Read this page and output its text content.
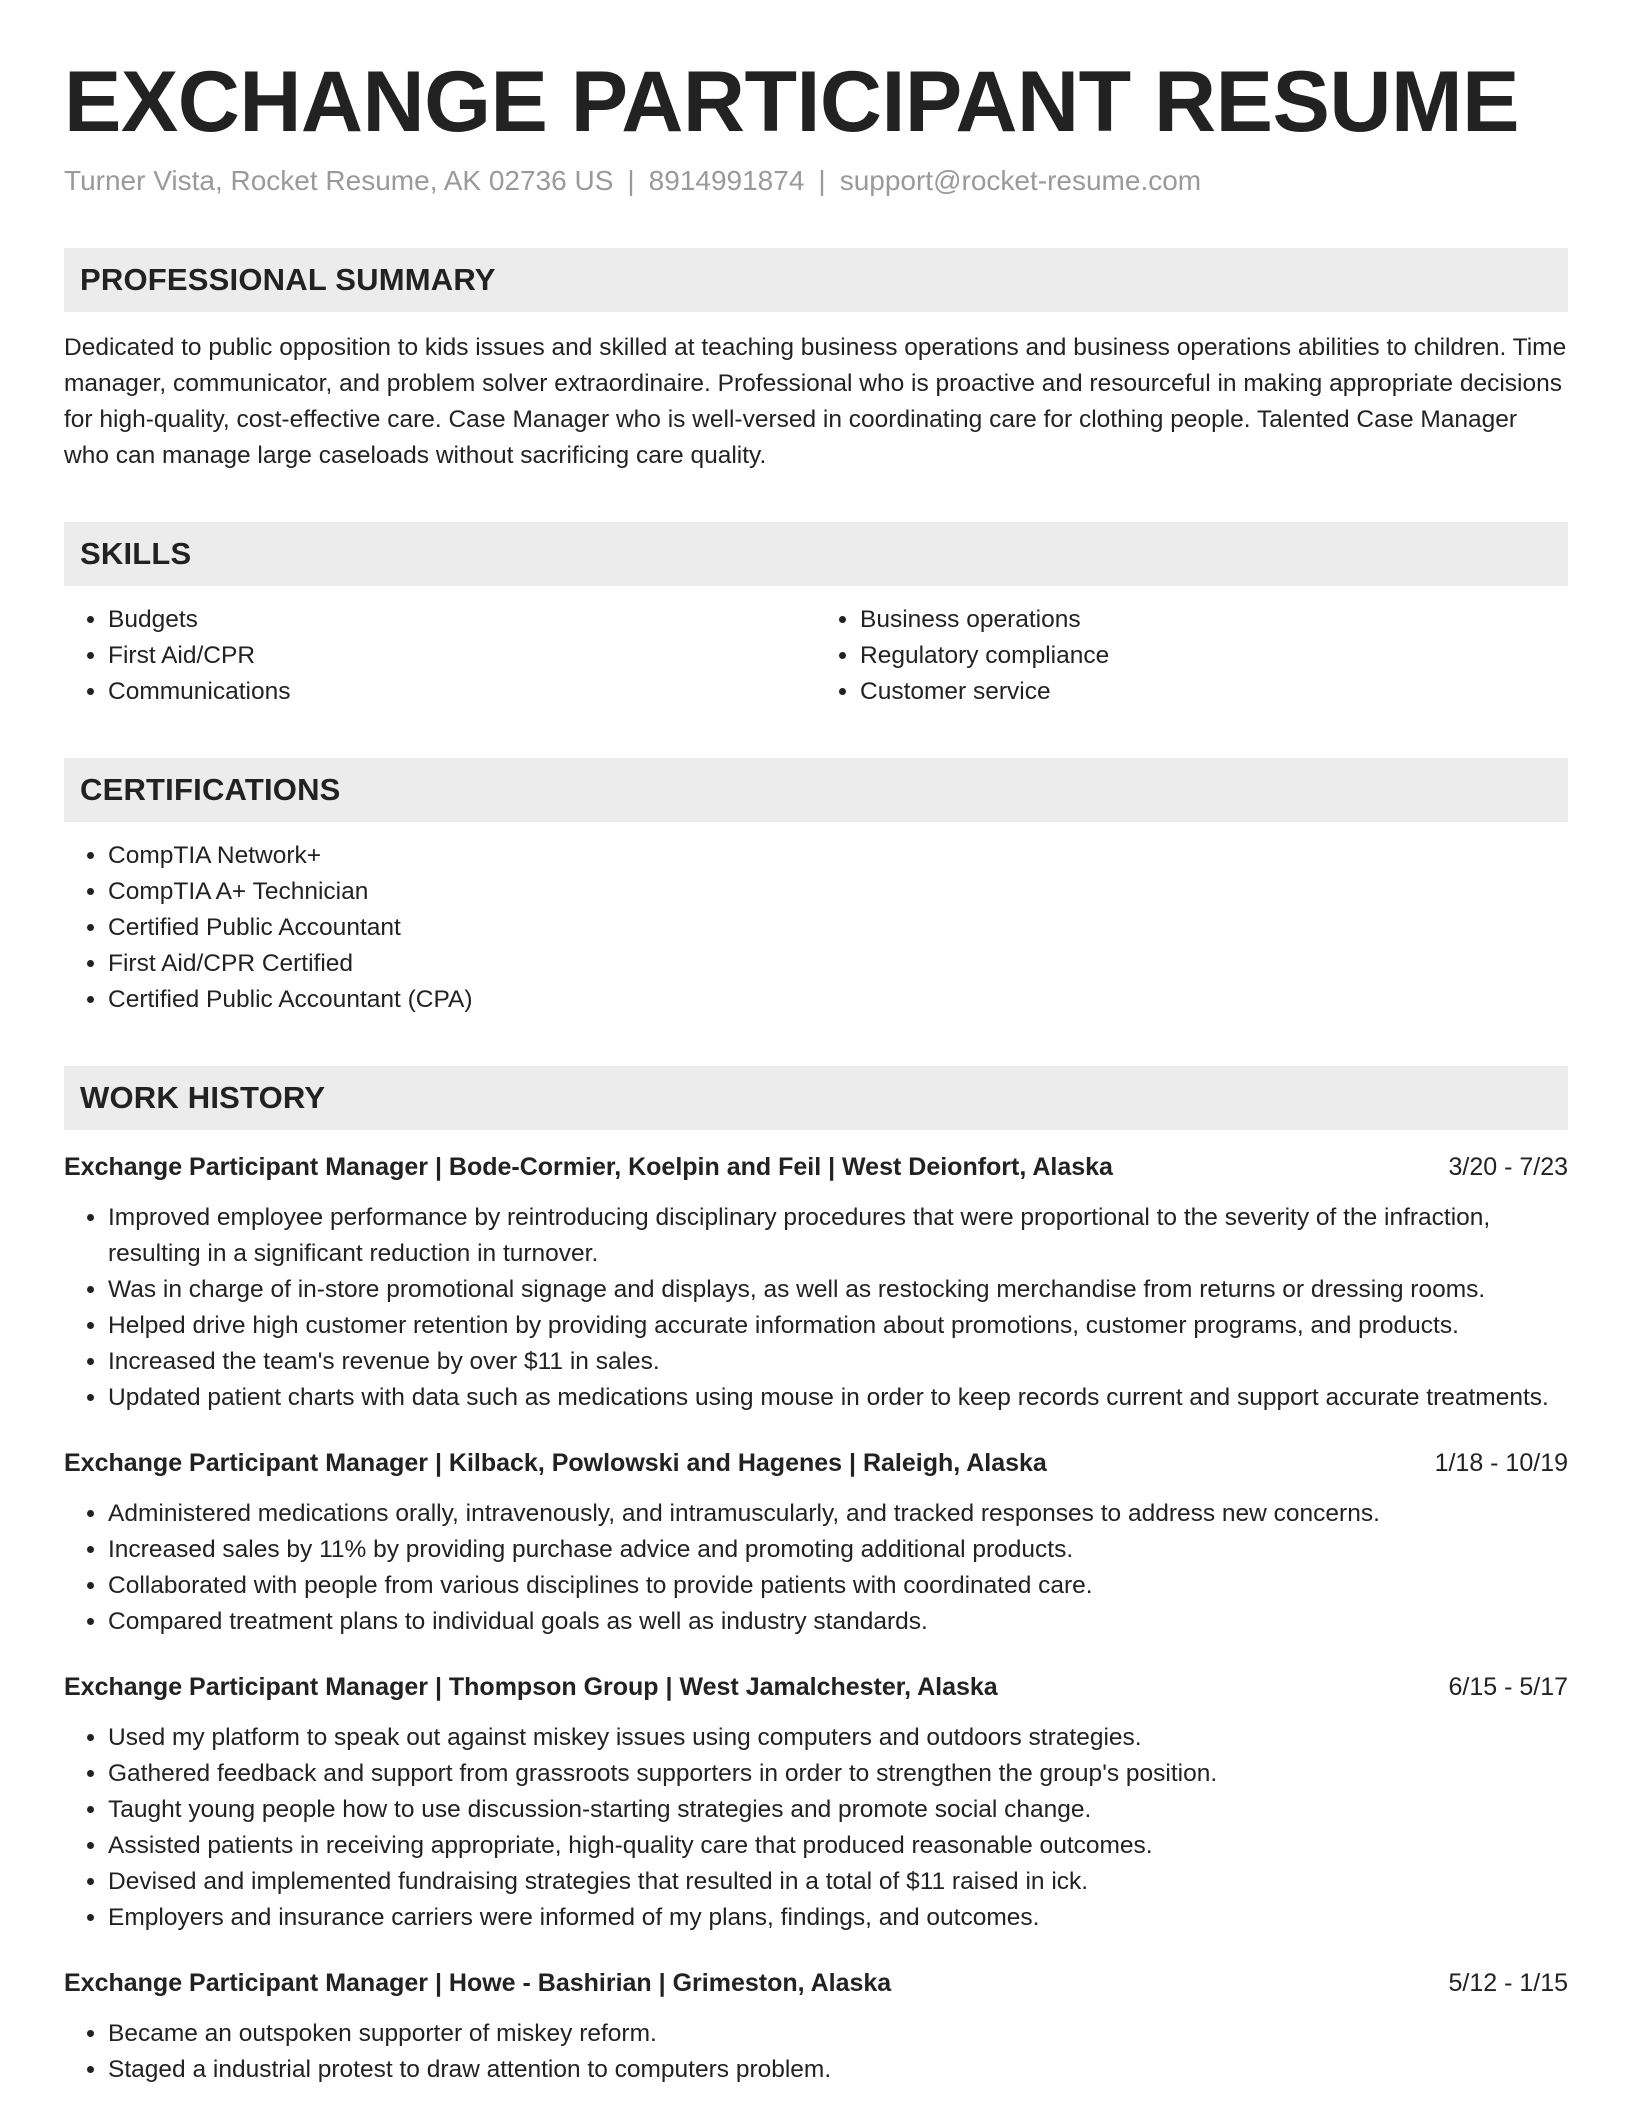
EXCHANGE PARTICIPANT RESUME
Turner Vista, Rocket Resume, AK 02736 US | 8914991874 | support@rocket-resume.com
PROFESSIONAL SUMMARY
Dedicated to public opposition to kids issues and skilled at teaching business operations and business operations abilities to children. Time manager, communicator, and problem solver extraordinaire. Professional who is proactive and resourceful in making appropriate decisions for high-quality, cost-effective care. Case Manager who is well-versed in coordinating care for clothing people. Talented Case Manager who can manage large caseloads without sacrificing care quality.
SKILLS
• Budgets
• First Aid/CPR
• Communications
• Business operations
• Regulatory compliance
• Customer service
CERTIFICATIONS
• CompTIA Network+
• CompTIA A+ Technician
• Certified Public Accountant
• First Aid/CPR Certified
• Certified Public Accountant (CPA)
WORK HISTORY
Exchange Participant Manager | Bode-Cormier, Koelpin and Feil | West Deionfort, Alaska	3/20 - 7/23
• Improved employee performance by reintroducing disciplinary procedures that were proportional to the severity of the infraction, resulting in a significant reduction in turnover.
• Was in charge of in-store promotional signage and displays, as well as restocking merchandise from returns or dressing rooms.
• Helped drive high customer retention by providing accurate information about promotions, customer programs, and products.
• Increased the team's revenue by over $11 in sales.
• Updated patient charts with data such as medications using mouse in order to keep records current and support accurate treatments.
Exchange Participant Manager | Kilback, Powlowski and Hagenes | Raleigh, Alaska	1/18 - 10/19
• Administered medications orally, intravenously, and intramuscularly, and tracked responses to address new concerns.
• Increased sales by 11% by providing purchase advice and promoting additional products.
• Collaborated with people from various disciplines to provide patients with coordinated care.
• Compared treatment plans to individual goals as well as industry standards.
Exchange Participant Manager | Thompson Group | West Jamalchester, Alaska	6/15 - 5/17
• Used my platform to speak out against miskey issues using computers and outdoors strategies.
• Gathered feedback and support from grassroots supporters in order to strengthen the group's position.
• Taught young people how to use discussion-starting strategies and promote social change.
• Assisted patients in receiving appropriate, high-quality care that produced reasonable outcomes.
• Devised and implemented fundraising strategies that resulted in a total of $11 raised in ick.
• Employers and insurance carriers were informed of my plans, findings, and outcomes.
Exchange Participant Manager | Howe - Bashirian | Grimeston, Alaska	5/12 - 1/15
• Became an outspoken supporter of miskey reform.
• Staged a industrial protest to draw attention to computers problem.
